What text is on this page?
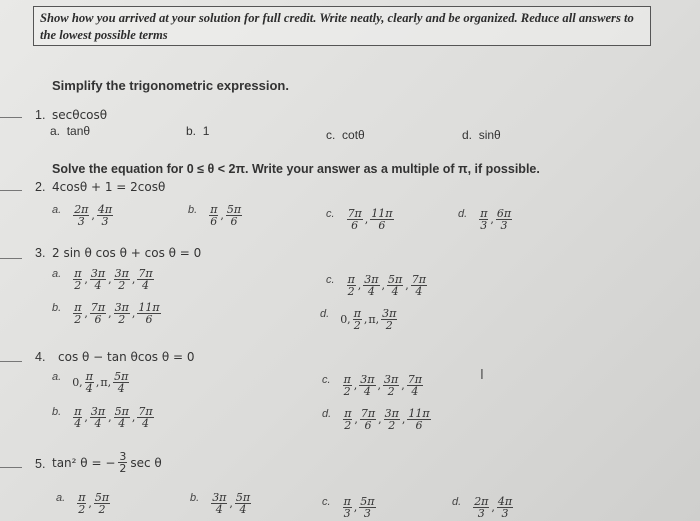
Show how you arrived at your solution for full credit. Write neatly, clearly and be organized. Reduce all answers to the lowest possible terms
Simplify the trigonometric expression.
1. secθcosθ
a. tanθ	b. 1	c. cotθ	d. sinθ
Solve the equation for 0 ≤ θ < 2π. Write your answer as a multiple of π, if possible.
2. 4cosθ + 1 = 2cosθ
a. $\frac{2\pi}{3}$ , $\frac{4\pi}{3}$	b. $\frac{\pi}{6}$ , $\frac{5\pi}{6}$	c. $\frac{7\pi}{6}$ , $\frac{11\pi}{6}$	d. $\frac{\pi}{3}$ , $\frac{6\pi}{3}$
3. 2 sin θ cos θ + cos θ = 0
a. $\frac{\pi}{2}$ , $\frac{3\pi}{4}$ , $\frac{3\pi}{2}$ , $\frac{7\pi}{4}$	c. $\frac{\pi}{2}$ , $\frac{3\pi}{4}$ , $\frac{5\pi}{4}$ , $\frac{7\pi}{4}$
b. $\frac{\pi}{2}$ , $\frac{7\pi}{6}$ , $\frac{3\pi}{2}$ , $\frac{11\pi}{6}$	d. 0, $\frac{\pi}{2}$ , π, $\frac{3\pi}{2}$
4. cos θ − tan θcos θ = 0
a. 0, $\frac{\pi}{4}$ , π, $\frac{5\pi}{4}$	c. $\frac{\pi}{2}$ , $\frac{3\pi}{4}$ , $\frac{3\pi}{2}$ , $\frac{7\pi}{4}$
b. $\frac{\pi}{4}$ , $\frac{3\pi}{4}$ , $\frac{5\pi}{4}$ , $\frac{7\pi}{4}$	d. $\frac{\pi}{2}$ , $\frac{7\pi}{6}$ , $\frac{3\pi}{2}$ , $\frac{11\pi}{6}$
I
5. tan² θ = − $\frac{3}{2}$ sec θ
a. $\frac{\pi}{2}$ , $\frac{5\pi}{2}$	b. $\frac{3\pi}{4}$ , $\frac{5\pi}{4}$	c. $\frac{\pi}{3}$ , $\frac{5\pi}{3}$	d. $\frac{2\pi}{3}$ , $\frac{4\pi}{3}$
